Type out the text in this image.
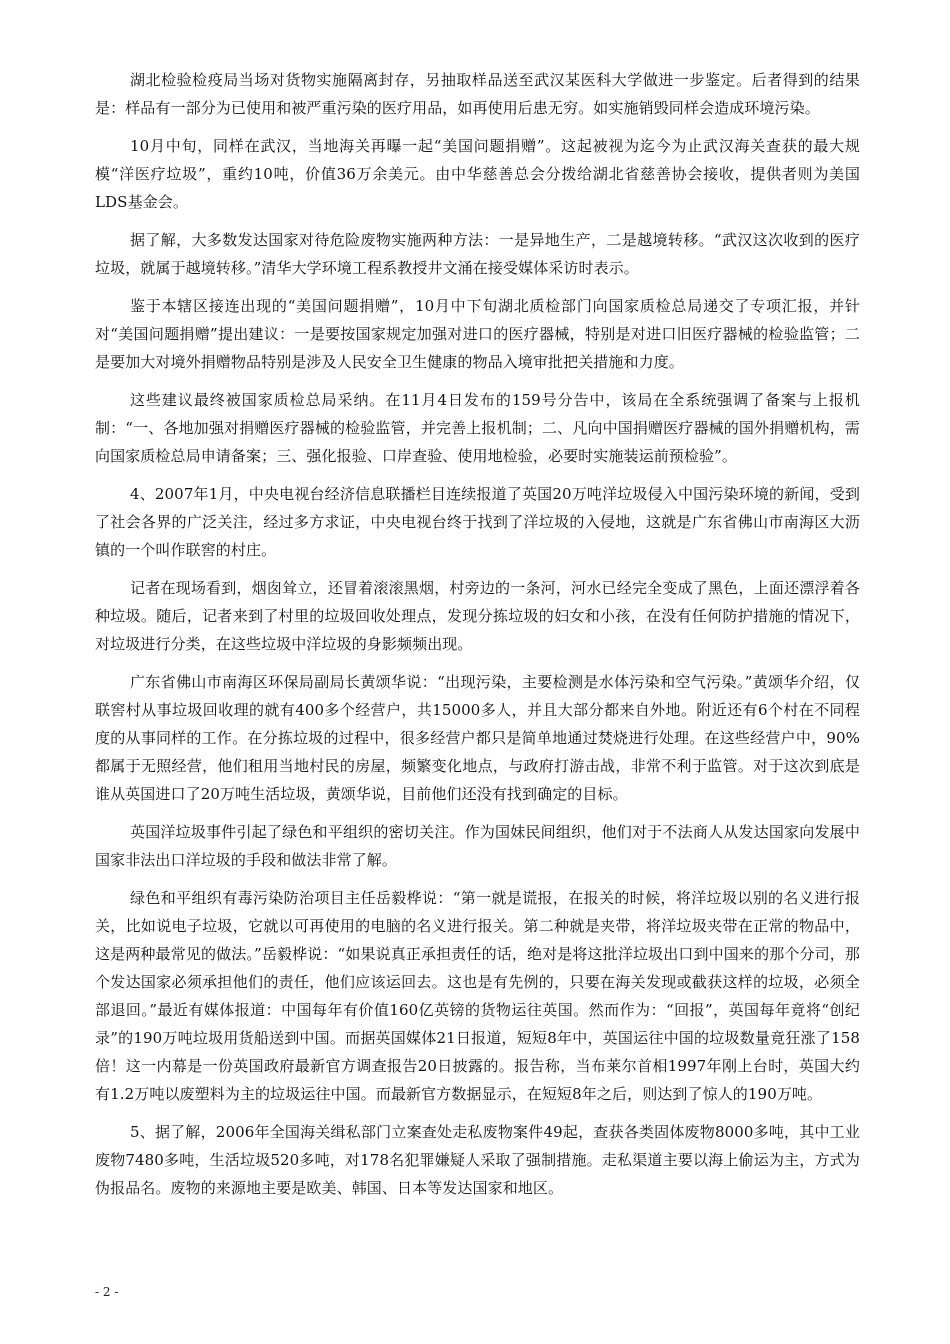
湖北检验检疫局当场对货物实施隔离封存，另抽取样品送至武汉某医科大学做进一步鉴定。后者得到的结果是：样品有一部分为已使用和被严重污染的医疗用品，如再使用后患无穷。如实施销毁同样会造成环境污染。

10月中旬，同样在武汉，当地海关再曝一起“美国问题捐赠”。这起被视为迄今为止武汉海关查获的最大规模“洋医疗垃圾”，重约10吨，价值36万余美元。由中华慈善总会分拨给湖北省慈善协会接收，提供者则为美国LDS基金会。

据了解，大多数发达国家对待危险废物实施两种方法：一是异地生产，二是越境转移。“武汉这次收到的医疗垃圾，就属于越境转移。”清华大学环境工程系教授井文涌在接受媒体采访时表示。

鉴于本辖区接连出现的“美国问题捐赠”，10月中下旬湖北质检部门向国家质检总局递交了专项汇报，并针对“美国问题捐赠”提出建议：一是要按国家规定加强对进口的医疗器械，特别是对进口旧医疗器械的检验监管；二是要加大对境外捐赠物品特别是涉及人民安全卫生健康的物品入境审批把关措施和力度。

这些建议最终被国家质检总局采纳。在11月4日发布的159号分告中，该局在全系统强调了备案与上报机制：“一、各地加强对捐赠医疗器械的检验监管，并完善上报机制；二、凡向中国捐赠医疗器械的国外捐赠机构，需向国家质检总局申请备案；三、强化报验、口岸查验、使用地检验，必要时实施装运前预检验”。

4、2007年1月，中央电视台经济信息联播栏目连续报道了英国20万吨洋垃圾侵入中国污染环境的新闻，受到了社会各界的广泛关注，经过多方求证，中央电视台终于找到了洋垃圾的入侵地，这就是广东省佛山市南海区大沥镇的一个叫作联窖的村庄。

记者在现场看到，烟囱耸立，还冒着滚滚黑烟，村旁边的一条河，河水已经完全变成了黑色，上面还漂浮着各种垃圾。随后，记者来到了村里的垃圾回收处理点，发现分拣垃圾的妇女和小孩，在没有任何防护措施的情况下，对垃圾进行分类，在这些垃圾中洋垃圾的身影频频出现。

广东省佛山市南海区环保局副局长黄颂华说：“出现污染，主要检测是水体污染和空气污染。”黄颂华介绍，仅联窖村从事垃圾回收理的就有400多个经营户，共15000多人，并且大部分都来自外地。附近还有6个村在不同程度的从事同样的工作。在分拣垃圾的过程中，很多经营户都只是简单地通过焚烧进行处理。在这些经营户中，90%都属于无照经营，他们租用当地村民的房屋，频繁变化地点，与政府打游击战，非常不利于监管。对于这次到底是谁从英国进口了20万吨生活垃圾，黄颂华说，目前他们还没有找到确定的目标。

英国洋垃圾事件引起了绿色和平组织的密切关注。作为国妹民间组织，他们对于不法商人从发达国家向发展中国家非法出口洋垃圾的手段和做法非常了解。

绿色和平组织有毒污染防治项目主任岳毅桦说：“第一就是谎报，在报关的时候，将洋垃圾以别的名义进行报关，比如说电子垃圾，它就以可再使用的电脑的名义进行报关。第二种就是夹带，将洋垃圾夹带在正常的物品中，这是两种最常见的做法。”岳毅桦说：“如果说真正承担责任的话，绝对是将这批洋垃圾出口到中国来的那个分司，那个发达国家必须承担他们的责任，他们应该运回去。这也是有先例的，只要在海关发现或截获这样的垃圾，必须全部退回。”最近有媒体报道：中国每年有价值160亿英镑的货物运往英国。然而作为：“回报”，英国每年竟将“创纪录”的190万吨垃圾用货船送到中国。而据英国媒体21日报道，短短8年中，英国运往中国的垃圾数量竟狂涨了158倍！这一内幕是一份英国政府最新官方调查报告20日披露的。报告称，当布莱尔首相1997年刚上台时，英国大约有1.2万吨以废塑料为主的垃圾运往中国。而最新官方数据显示，在短短8年之后，则达到了惊人的190万吨。

5、据了解，2006年全国海关缉私部门立案查处走私废物案件49起，查获各类固体废物8000多吨，其中工业废物7480多吨，生活垃圾520多吨，对178名犯罪嫌疑人采取了强制措施。走私渠道主要以海上偷运为主，方式为伪报品名。废物的来源地主要是欧美、韩国、日本等发达国家和地区。

- 2 -
